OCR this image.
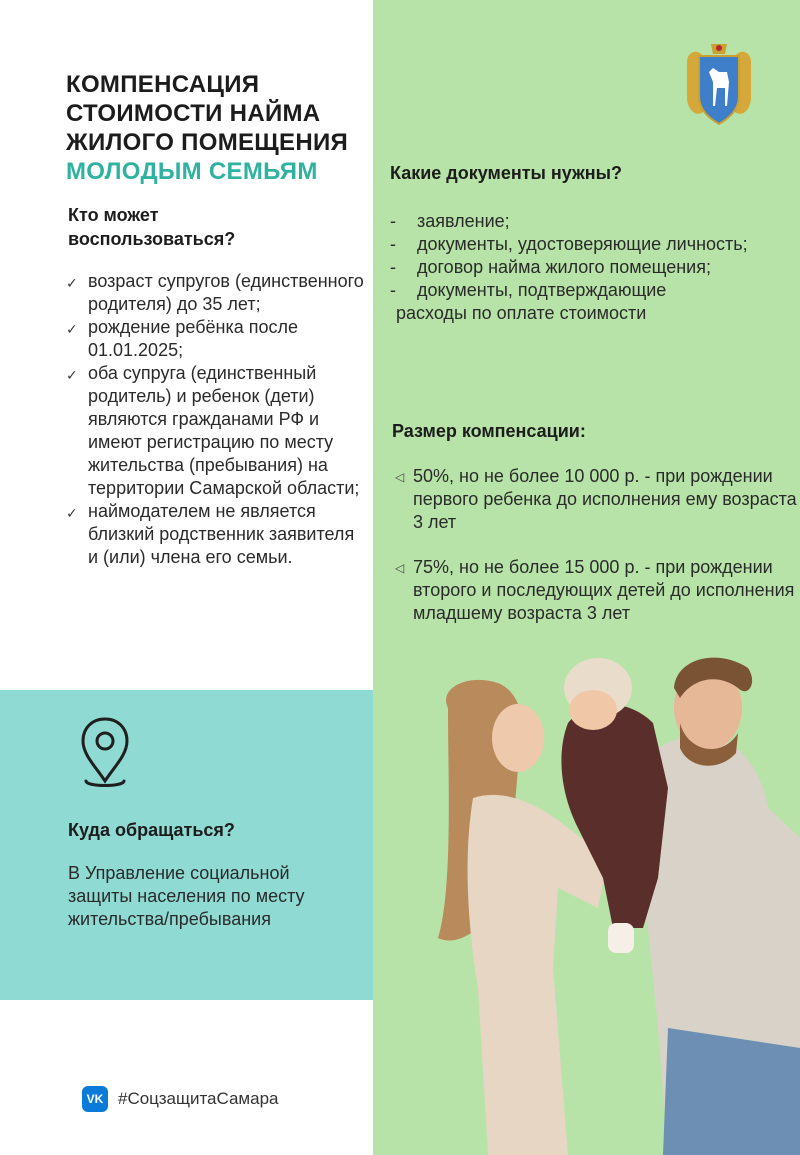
КОМПЕНСАЦИЯ
СТОИМОСТИ НАЙМА
ЖИЛОГО ПОМЕЩЕНИЯ
МОЛОДЫМ СЕМЬЯМ
Кто может
воспользоваться?
✓ возраст супругов (единственного родителя) до 35 лет;
✓ рождение ребёнка после 01.01.2025;
✓ оба супруга (единственный родитель) и ребенок (дети) являются гражданами РФ и имеют регистрацию по месту жительства (пребывания) на территории Самарской области;
✓ наймодателем не является близкий родственник заявителя и (или) члена его семьи.
Куда обращаться?
В Управление социальной защиты населения по месту жительства/пребывания
VK #СоцзащитаСамара
Какие документы нужны?
- заявление;
- документы, удостоверяющие личность;
- договор найма жилого помещения;
- документы, подтверждающие
расходы по оплате стоимости
Размер компенсации:
◁ 50%, но не более 10 000 р. - при рождении первого ребенка до исполнения ему возраста 3 лет
◁ 75%, но не более 15 000 р. - при рождении второго и последующих детей до исполнения младшему возраста 3 лет
